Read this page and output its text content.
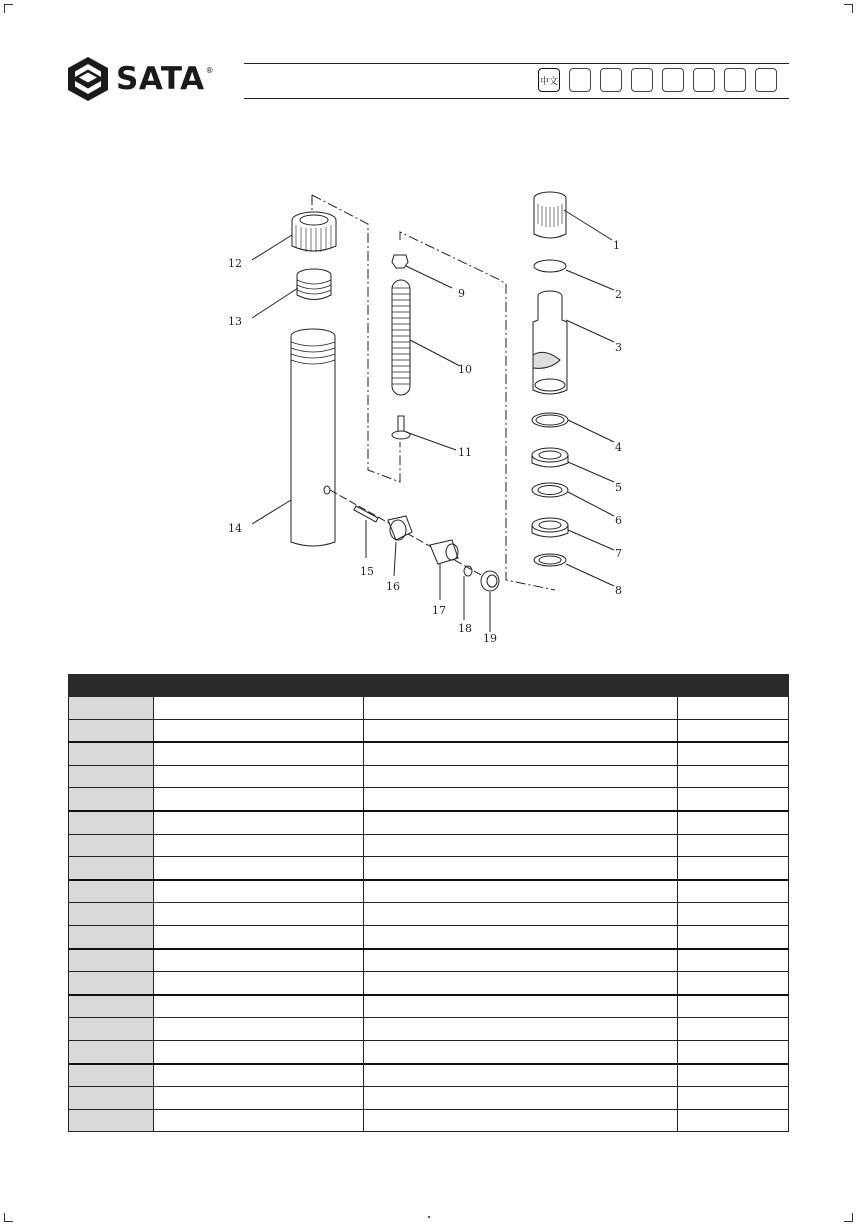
SATA ®
中文
1
2
3
4
5
6
7
8
9
10
11
12
13
14
15
16
17
18
19
